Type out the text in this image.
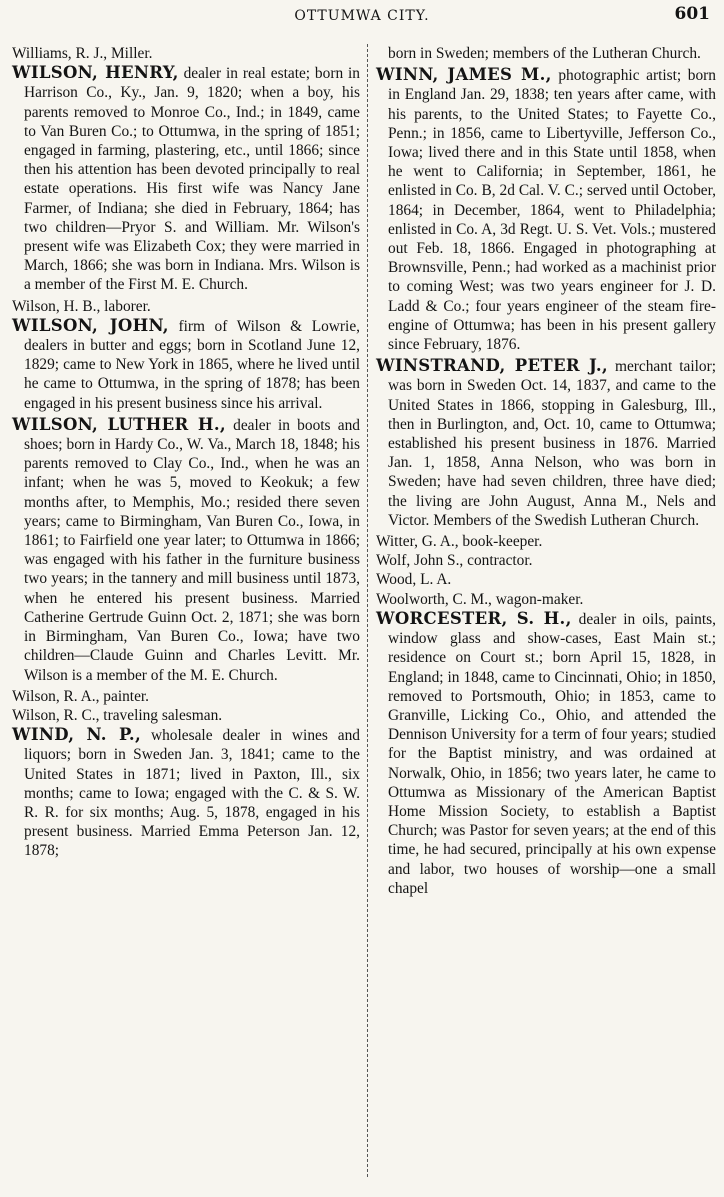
OTTUMWA CITY.	601

Williams, R. J., Miller.

WILSON, HENRY, dealer in real estate; born in Harrison Co., Ky., Jan. 9, 1820; when a boy, his parents removed to Monroe Co., Ind.; in 1849, came to Van Buren Co.; to Ottumwa, in the spring of 1851; engaged in farming, plastering, etc., until 1866; since then his attention has been devoted principally to real estate operations. His first wife was Nancy Jane Farmer, of Indiana; she died in February, 1864; has two children—Pryor S. and William. Mr. Wilson's present wife was Elizabeth Cox; they were married in March, 1866; she was born in Indiana. Mrs. Wilson is a member of the First M. E. Church.

Wilson, H. B., laborer.

WILSON, JOHN, firm of Wilson & Lowrie, dealers in butter and eggs; born in Scotland June 12, 1829; came to New York in 1865, where he lived until he came to Ottumwa, in the spring of 1878; has been engaged in his present business since his arrival.

WILSON, LUTHER H., dealer in boots and shoes; born in Hardy Co., W. Va., March 18, 1848; his parents removed to Clay Co., Ind., when he was an infant; when he was 5, moved to Keokuk; a few months after, to Memphis, Mo.; resided there seven years; came to Birmingham, Van Buren Co., Iowa, in 1861; to Fairfield one year later; to Ottumwa in 1866; was engaged with his father in the furniture business two years; in the tannery and mill business until 1873, when he entered his present business. Married Catherine Gertrude Guinn Oct. 2, 1871; she was born in Birmingham, Van Buren Co., Iowa; have two children—Claude Guinn and Charles Levitt. Mr. Wilson is a member of the M. E. Church.

Wilson, R. A., painter.

Wilson, R. C., traveling salesman.

WIND, N. P., wholesale dealer in wines and liquors; born in Sweden Jan. 3, 1841; came to the United States in 1871; lived in Paxton, Ill., six months; came to Iowa; engaged with the C. & S. W. R. R. for six months; Aug. 5, 1878, engaged in his present business. Married Emma Peterson Jan. 12, 1878;

born in Sweden; members of the Lutheran Church.

WINN, JAMES M., photographic artist; born in England Jan. 29, 1838; ten years after came, with his parents, to the United States; to Fayette Co., Penn.; in 1856, came to Libertyville, Jefferson Co., Iowa; lived there and in this State until 1858, when he went to California; in September, 1861, he enlisted in Co. B, 2d Cal. V. C.; served until October, 1864; in December, 1864, went to Philadelphia; enlisted in Co. A, 3d Regt. U. S. Vet. Vols.; mustered out Feb. 18, 1866. Engaged in photographing at Brownsville, Penn.; had worked as a machinist prior to coming West; was two years engineer for J. D. Ladd & Co.; four years engineer of the steam fire-engine of Ottumwa; has been in his present gallery since February, 1876.

WINSTRAND, PETER J., merchant tailor; was born in Sweden Oct. 14, 1837, and came to the United States in 1866, stopping in Galesburg, Ill., then in Burlington, and, Oct. 10, came to Ottumwa; established his present business in 1876. Married Jan. 1, 1858, Anna Nelson, who was born in Sweden; have had seven children, three have died; the living are John August, Anna M., Nels and Victor. Members of the Swedish Lutheran Church.

Witter, G. A., book-keeper.

Wolf, John S., contractor.

Wood, L. A.

Woolworth, C. M., wagon-maker.

WORCESTER, S. H., dealer in oils, paints, window glass and show-cases, East Main st.; residence on Court st.; born April 15, 1828, in England; in 1848, came to Cincinnati, Ohio; in 1850, removed to Portsmouth, Ohio; in 1853, came to Granville, Licking Co., Ohio, and attended the Dennison University for a term of four years; studied for the Baptist ministry, and was ordained at Norwalk, Ohio, in 1856; two years later, he came to Ottumwa as Missionary of the American Baptist Home Mission Society, to establish a Baptist Church; was Pastor for seven years; at the end of this time, he had secured, principally at his own expense and labor, two houses of worship—one a small chapel
